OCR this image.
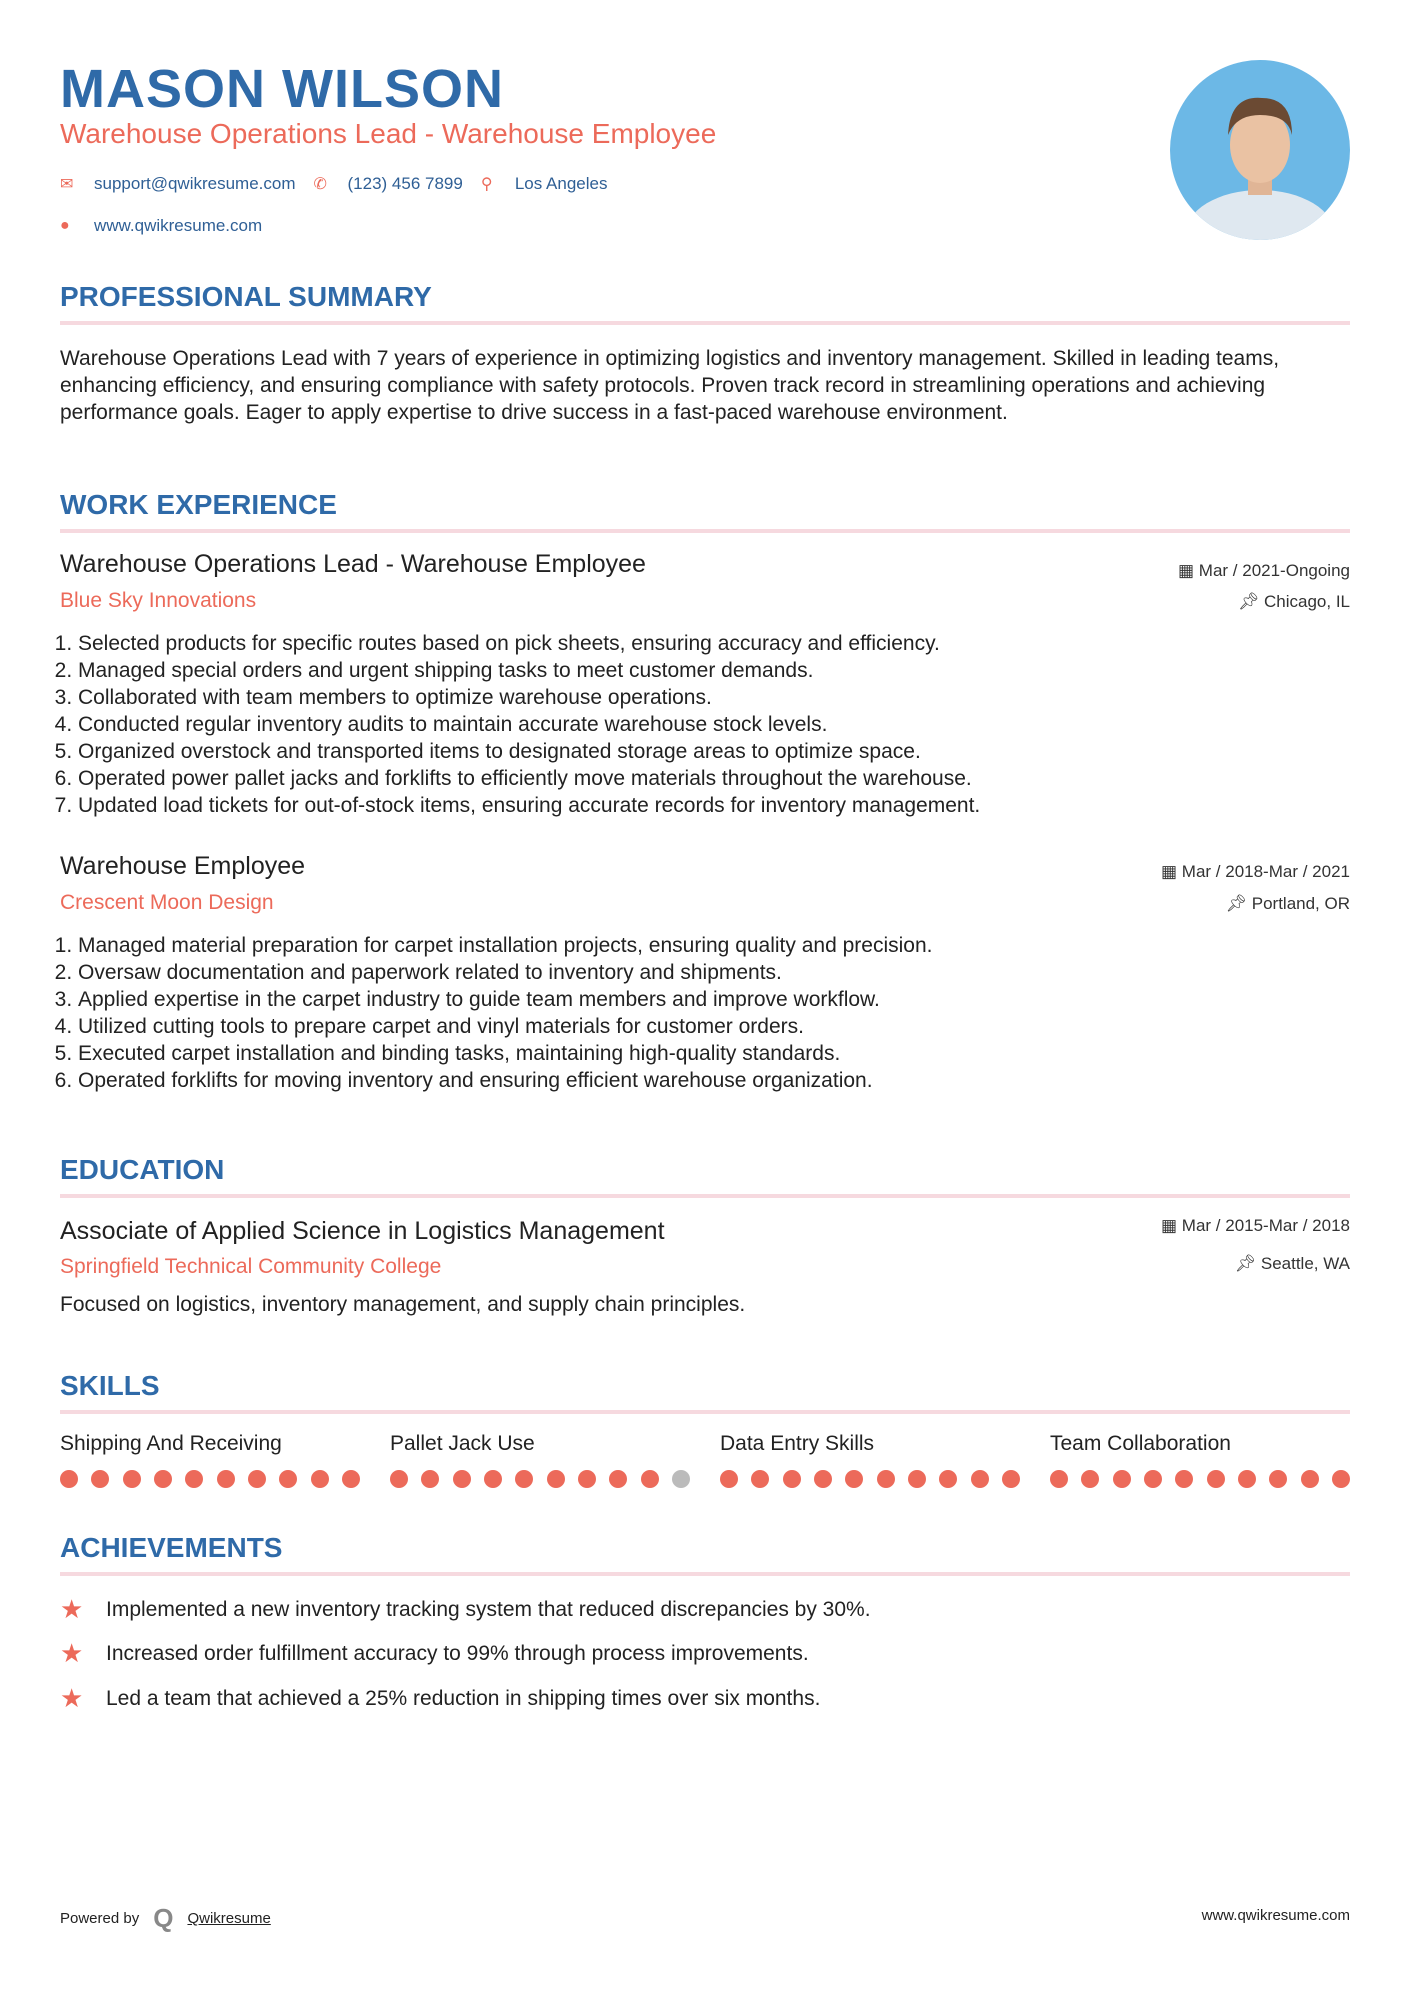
MASON WILSON
Warehouse Operations Lead - Warehouse Employee
✉	support@qwikresume.com ✆	(123) 456 7899 ⚲	Los Angeles
●	www.qwikresume.com
PROFESSIONAL SUMMARY
Warehouse Operations Lead with 7 years of experience in optimizing logistics and inventory management. Skilled in leading teams, enhancing efficiency, and ensuring compliance with safety protocols. Proven track record in streamlining operations and achieving performance goals. Eager to apply expertise to drive success in a fast-paced warehouse environment.
WORK EXPERIENCE
Warehouse Operations Lead - Warehouse Employee	▦ Mar / 2021-Ongoing
Blue Sky Innovations	📌︎ Chicago, IL
1. Selected products for specific routes based on pick sheets, ensuring accuracy and efficiency.
2. Managed special orders and urgent shipping tasks to meet customer demands.
3. Collaborated with team members to optimize warehouse operations.
4. Conducted regular inventory audits to maintain accurate warehouse stock levels.
5. Organized overstock and transported items to designated storage areas to optimize space.
6. Operated power pallet jacks and forklifts to efficiently move materials throughout the warehouse.
7. Updated load tickets for out-of-stock items, ensuring accurate records for inventory management.
Warehouse Employee	▦ Mar / 2018-Mar / 2021
Crescent Moon Design	📌︎ Portland, OR
1. Managed material preparation for carpet installation projects, ensuring quality and precision.
2. Oversaw documentation and paperwork related to inventory and shipments.
3. Applied expertise in the carpet industry to guide team members and improve workflow.
4. Utilized cutting tools to prepare carpet and vinyl materials for customer orders.
5. Executed carpet installation and binding tasks, maintaining high-quality standards.
6. Operated forklifts for moving inventory and ensuring efficient warehouse organization.
EDUCATION
Associate of Applied Science in Logistics Management	▦ Mar / 2015-Mar / 2018
Springfield Technical Community College	📌︎ Seattle, WA
Focused on logistics, inventory management, and supply chain principles.
SKILLS
Shipping And Receiving	Pallet Jack Use	Data Entry Skills	Team Collaboration
ACHIEVEMENTS
★	Implemented a new inventory tracking system that reduced discrepancies by 30%.
★	Increased order fulfillment accuracy to 99% through process improvements.
★	Led a team that achieved a 25% reduction in shipping times over six months.
Powered by Q Qwikresume	www.qwikresume.com
